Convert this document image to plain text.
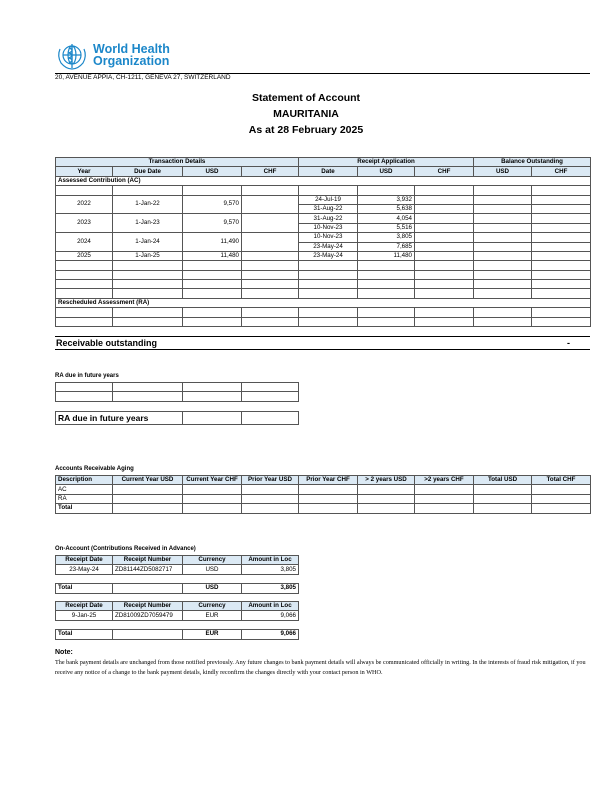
World Health
Organization
20, AVENUE APPIA, CH-1211, GENEVA 27, SWITZERLAND
Statement of Account
MAURITANIA
As at 28 February 2025
Transaction Details				Receipt Application			Balance Outstanding	
Year	Due Date	USD	CHF	Date	USD	CHF	USD	CHF
Assessed Contribution (AC)								

2022	1-Jan-22	9,570		24-Jul-19	3,932			
				31-Aug-22	5,638			
2023	1-Jan-23	9,570		31-Aug-22	4,054			
				10-Nov-23	5,516			
2024	1-Jan-24	11,490		10-Nov-23	3,805			
				23-May-24	7,685			
2025	1-Jan-25	11,480		23-May-24	11,480			

Rescheduled Assessment (RA)								

Receivable outstanding	-
RA due in future years

RA due in future years		
Accounts Receivable Aging
Description	Current Year USD	Current Year CHF	Prior Year USD	Prior Year CHF	> 2 years USD	>2 years CHF	Total USD	Total CHF
AC								
RA								
Total								
On-Account (Contributions Received in Advance)
Receipt Date	Receipt Number	Currency	Amount in Loc
23-May-24	ZD81144ZD5082717	USD	3,805

Total		USD	3,805
Receipt Date	Receipt Number	Currency	Amount in Loc
9-Jan-25	ZD81009ZD7059479	EUR	9,066

Total		EUR	9,066
Note:
The bank payment details are unchanged from those notified previously. Any future changes to bank payment details will always be communicated officially in writing. In the interests of fraud risk mitigation, if you receive any notice of a change to the bank payment details, kindly reconfirm the changes directly with your contact person in WHO.
